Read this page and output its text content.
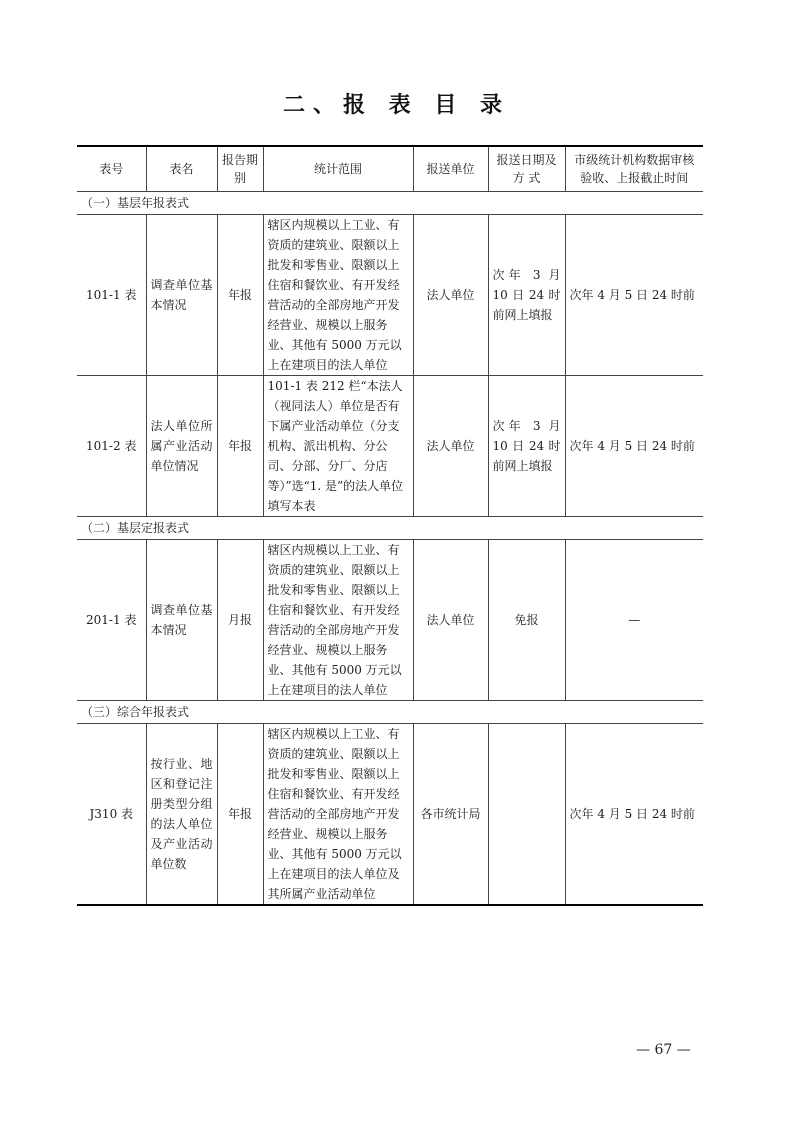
二、报 表 目 录
表号	表名	报告期别	统计范围	报送单位	报送日期及 方 式	市级统计机构数据审核验收、上报截止时间
（一）基层年报表式						
101-1 表	调查单位基本情况	年报	辖区内规模以上工业、有资质的建筑业、限额以上批发和零售业、限额以上住宿和餐饮业、有开发经营活动的全部房地产开发经营业、规模以上服务业、其他有 5000 万元以上在建项目的法人单位	法人单位	次年 3 月 10 日 24 时前网上填报	次年 4 月 5 日 24 时前
101-2 表	法人单位所属产业活动单位情况	年报	101-1 表 212 栏“本法人（视同法人）单位是否有下属产业活动单位（分支机构、派出机构、分公司、分部、分厂、分店等）”选“1. 是”的法人单位填写本表	法人单位	次年 3 月 10 日 24 时前网上填报	次年 4 月 5 日 24 时前
（二）基层定报表式						
201-1 表	调查单位基本情况	月报	辖区内规模以上工业、有资质的建筑业、限额以上批发和零售业、限额以上住宿和餐饮业、有开发经营活动的全部房地产开发经营业、规模以上服务业、其他有 5000 万元以上在建项目的法人单位	法人单位	免报	—
（三）综合年报表式						
J310 表	按行业、地区和登记注册类型分组的法人单位及产业活动单位数	年报	辖区内规模以上工业、有资质的建筑业、限额以上批发和零售业、限额以上住宿和餐饮业、有开发经营活动的全部房地产开发经营业、规模以上服务业、其他有 5000 万元以上在建项目的法人单位及其所属产业活动单位	各市统计局		次年 4 月 5 日 24 时前
— 67 —
